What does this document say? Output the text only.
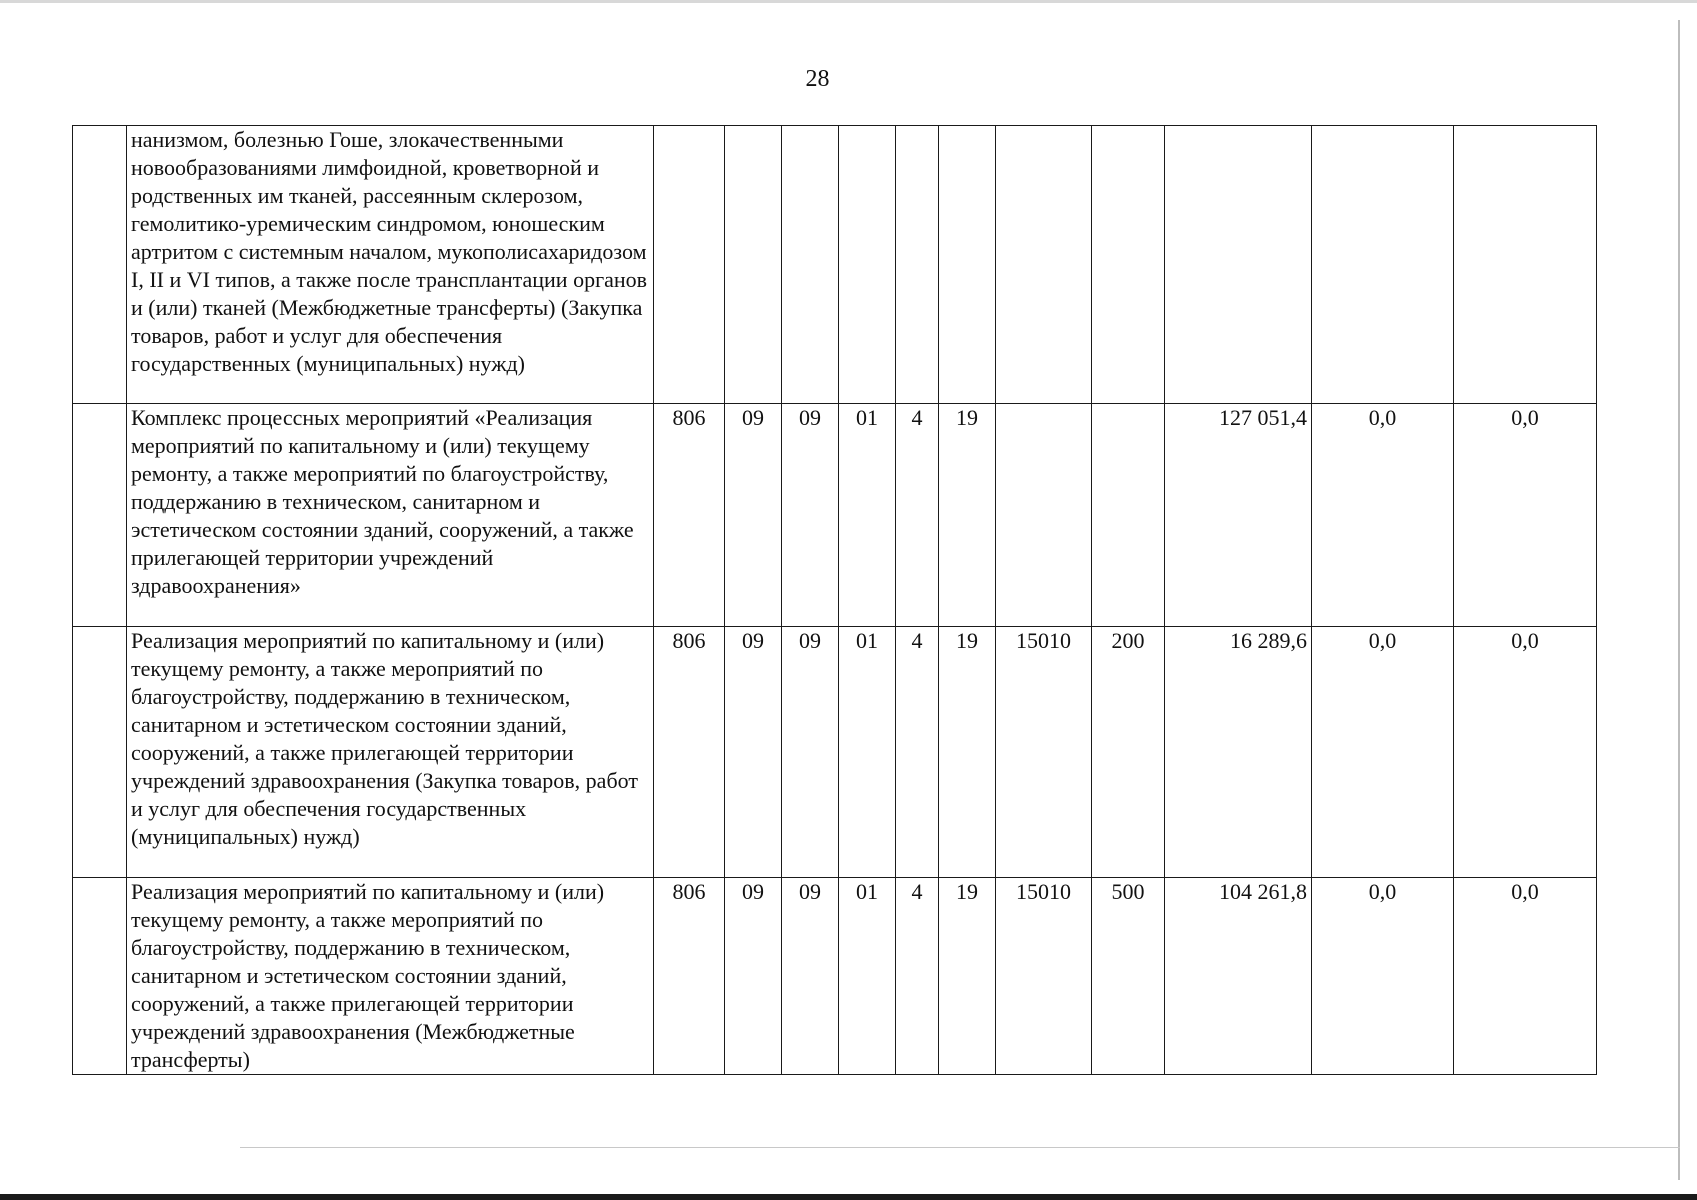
28
	нанизмом, болезнью Гоше, злокачественными новообразованиями лимфоидной, кроветворной и родственных им тканей, рассеянным склерозом, гемолитико-уремическим синдромом, юношеским артритом с системным началом, мукополисахаридозом I, II и VI типов, а также после трансплантации органов и (или) тканей (Межбюджетные трансферты) (Закупка товаров, работ и услуг для обеспечения государственных (муниципальных) нужд)											
	Комплекс процессных мероприятий «Реализация мероприятий по капитальному и (или) текущему ремонту, а также мероприятий по благоустройству, поддержанию в техническом, санитарном и эстетическом состоянии зданий, сооружений, а также прилегающей территории учреждений здравоохранения»	806	09	09	01	4	19			127 051,4	0,0	0,0
	Реализация мероприятий по капитальному и (или) текущему ремонту, а также мероприятий по благоустройству, поддержанию в техническом, санитарном и эстетическом состоянии зданий, сооружений, а также прилегающей территории учреждений здравоохранения (Закупка товаров, работ и услуг для обеспечения государственных (муниципальных) нужд)	806	09	09	01	4	19	15010	200	16 289,6	0,0	0,0
	Реализация мероприятий по капитальному и (или) текущему ремонту, а также мероприятий по благоустройству, поддержанию в техническом, санитарном и эстетическом состоянии зданий, сооружений, а также прилегающей территории учреждений здравоохранения (Межбюджетные трансферты)	806	09	09	01	4	19	15010	500	104 261,8	0,0	0,0
